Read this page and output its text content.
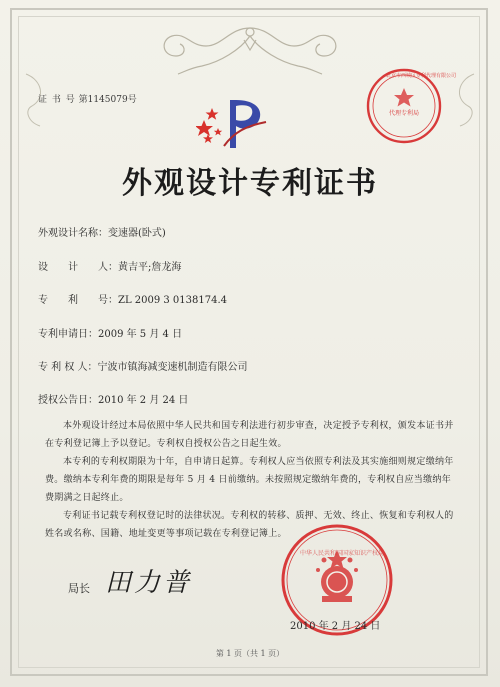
证 书 号 第1145079号
代理专利局
北京市西城区专利代理有限公司
外观设计专利证书
外观设计名称：变速器(卧式)
设　　计　　人：黄吉平;詹龙海
专　　利　　号：ZL 2009 3 0138174.4
专利申请日：2009 年 5 月 4 日
专 利 权 人：宁波市镇海减变速机制造有限公司
授权公告日：2010 年 2 月 24 日
本外观设计经过本局依照中华人民共和国专利法进行初步审查，决定授予专利权，颁发本证书并在专利登记簿上予以登记。专利权自授权公告之日起生效。
本专利的专利权期限为十年，自申请日起算。专利权人应当依照专利法及其实施细则规定缴纳年费。缴纳本专利年费的期限是每年 5 月 4 日前缴纳。未按照规定缴纳年费的，专利权自应当缴纳年费期满之日起终止。
专利证书记载专利权登记时的法律状况。专利权的转移、质押、无效、终止、恢复和专利权人的姓名或名称、国籍、地址变更等事项记载在专利登记簿上。
局长 田力普
中华人民共和国国家知识产权局
2010 年 2 月 24 日
第 1 页（共 1 页）
